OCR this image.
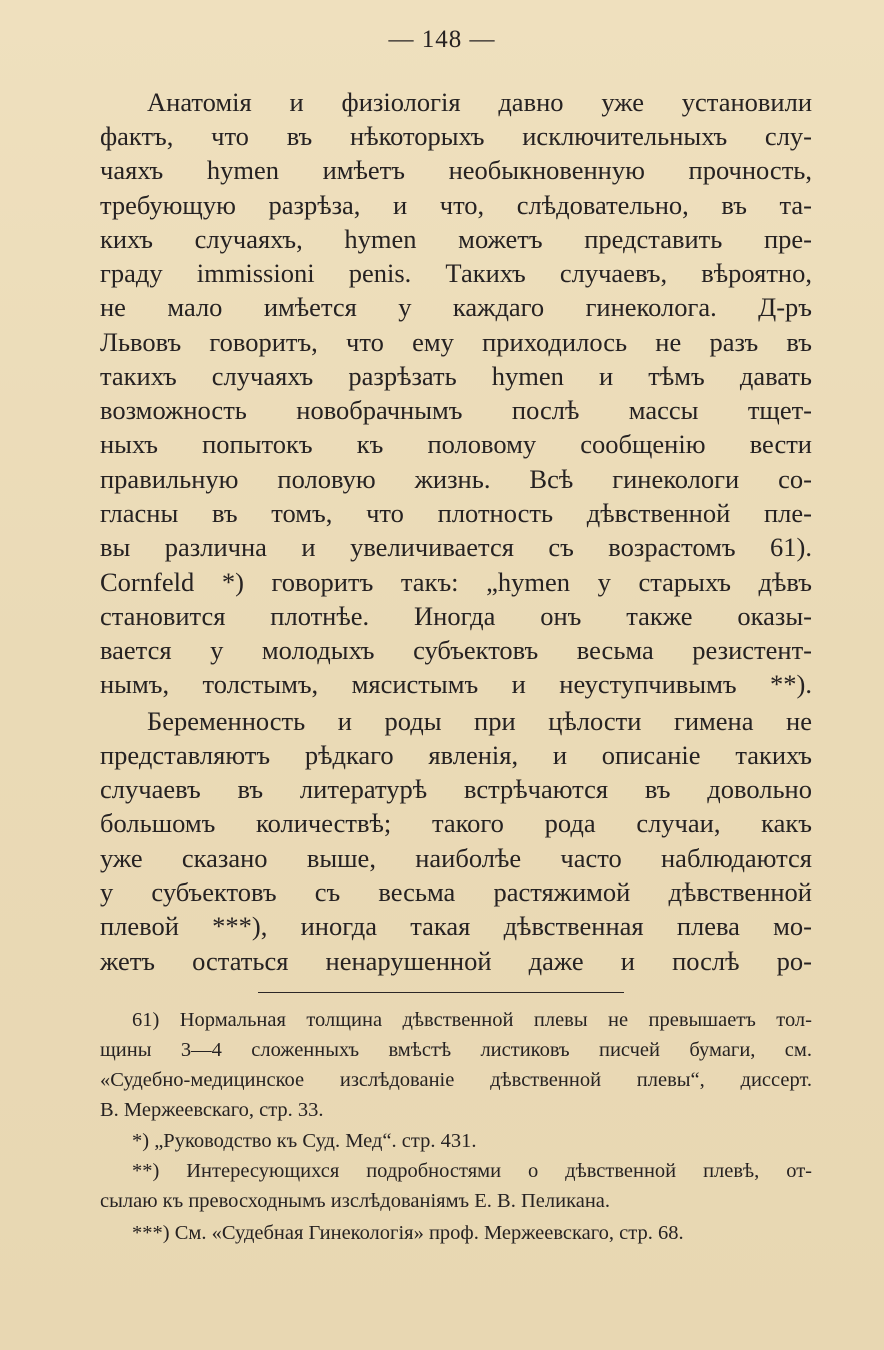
— 148 —
Анатомія и физіологія давно уже установили
фактъ, что въ нѣкоторыхъ исключительныхъ слу-
чаяхъ hymen имѣетъ необыкновенную прочность,
требующую разрѣза, и что, слѣдовательно, въ та-
кихъ случаяхъ, hymen можетъ представить пре-
граду immissioni penis. Такихъ случаевъ, вѣроятно,
не мало имѣется у каждаго гинеколога. Д-ръ
Львовъ говоритъ, что ему приходилось не разъ въ
такихъ случаяхъ разрѣзать hymen и тѣмъ давать
возможность новобрачнымъ послѣ массы тщет-
ныхъ попытокъ къ половому сообщенію вести
правильную половую жизнь. Всѣ гинекологи со-
гласны въ томъ, что плотность дѣвственной пле-
вы различна и увеличивается съ возрастомъ 61).
Cornfeld *) говоритъ такъ: „hymen у старыхъ дѣвъ
становится плотнѣе. Иногда онъ также оказы-
вается у молодыхъ субъектовъ весьма резистент-
нымъ, толстымъ, мясистымъ и неуступчивымъ **).
Беременность и роды при цѣлости гимена не
представляютъ рѣдкаго явленія, и описаніе такихъ
случаевъ въ литературѣ встрѣчаются въ довольно
большомъ количествѣ; такого рода случаи, какъ
уже сказано выше, наиболѣе часто наблюдаются
у субъектовъ съ весьма растяжимой дѣвственной
плевой ***), иногда такая дѣвственная плева мо-
жетъ остаться ненарушенной даже и послѣ ро-
61) Нормальная толщина дѣвственной плевы не превышаетъ тол-
щины 3—4 сложенныхъ вмѣстѣ листиковъ писчей бумаги, см.
«Судебно-медицинское изслѣдованіе дѣвственной плевы“, диссерт.
В. Мержеевскаго, стр. 33.
*) „Руководство къ Суд. Мед“. стр. 431.
**) Интересующихся подробностями о дѣвственной плевѣ, от-
сылаю къ превосходнымъ изслѣдованіямъ Е. В. Пеликана.
***) См. «Судебная Гинекологія» проф. Мержеевскаго, стр. 68.
